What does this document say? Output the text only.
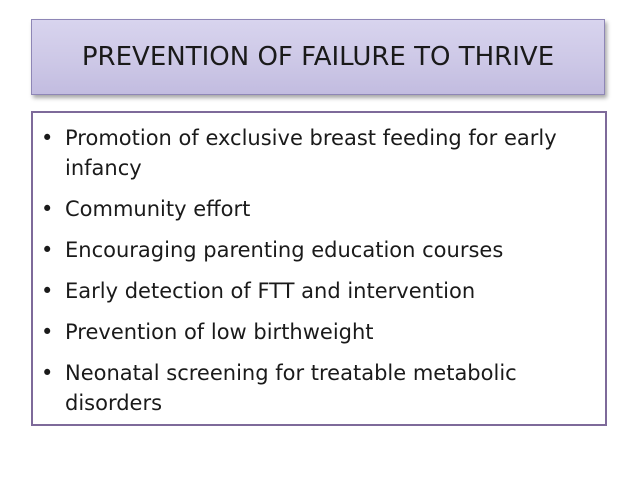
PREVENTION OF FAILURE TO THRIVE
• Promotion of exclusive breast feeding for early
infancy
• Community effort
• Encouraging parenting education courses
• Early detection of FTT and intervention
• Prevention of low birthweight
• Neonatal screening for treatable metabolic
disorders
